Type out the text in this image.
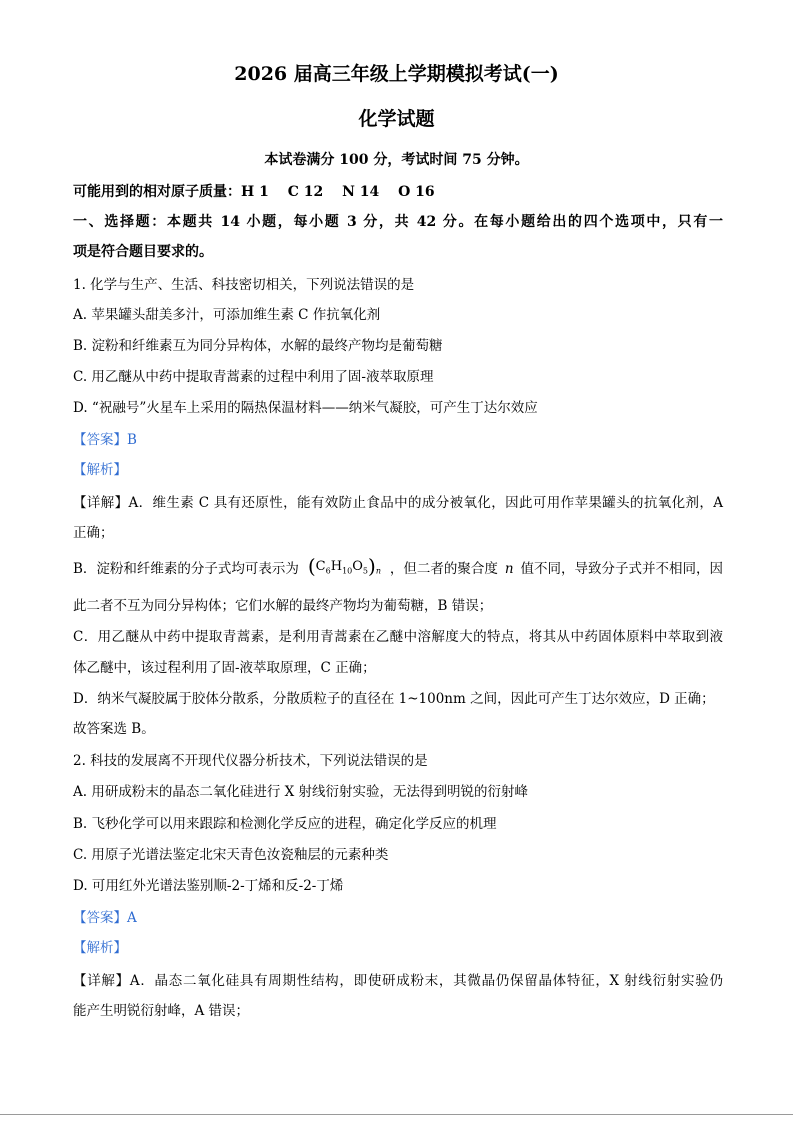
2026 届高三年级上学期模拟考试(一)
化学试题
本试卷满分 100 分，考试时间 75 分钟。
可能用到的相对原子质量：H 1　 C 12　 N 14　 O 16
一、选择题：本题共 14 小题，每小题 3 分，共 42 分。在每小题给出的四个选项中，只有一
项是符合题目要求的。
1. 化学与生产、生活、科技密切相关，下列说法错误的是
A. 苹果罐头甜美多汁，可添加维生素 C 作抗氧化剂
B. 淀粉和纤维素互为同分异构体，水解的最终产物均是葡萄糖
C. 用乙醚从中药中提取青蒿素的过程中利用了固-液萃取原理
D. “祝融号”火星车上采用的隔热保温材料——纳米气凝胶，可产生丁达尔效应
【答案】B
【解析】
【详解】A．维生素 C 具有还原性，能有效防止食品中的成分被氧化，因此可用作苹果罐头的抗氧化剂，A
正确；
B．淀粉和纤维素的分子式均可表示为 $(C_6H_{10}O_5)_n$ ，但二者的聚合度 n 值不同，导致分子式并不相同，因
此二者不互为同分异构体；它们水解的最终产物均为葡萄糖，B 错误；
C．用乙醚从中药中提取青蒿素，是利用青蒿素在乙醚中溶解度大的特点，将其从中药固体原料中萃取到液
体乙醚中，该过程利用了固-液萃取原理，C 正确；
D．纳米气凝胶属于胶体分散系，分散质粒子的直径在 1~100nm 之间，因此可产生丁达尔效应，D 正确；
故答案选 B。
2. 科技的发展离不开现代仪器分析技术，下列说法错误的是
A. 用研成粉末的晶态二氧化硅进行 X 射线衍射实验，无法得到明锐的衍射峰
B. 飞秒化学可以用来跟踪和检测化学反应的进程，确定化学反应的机理
C. 用原子光谱法鉴定北宋天青色汝瓷釉层的元素种类
D. 可用红外光谱法鉴别顺-2-丁烯和反-2-丁烯
【答案】A
【解析】
【详解】A．晶态二氧化硅具有周期性结构，即使研成粉末，其微晶仍保留晶体特征，X 射线衍射实验仍
能产生明锐衍射峰，A 错误；
